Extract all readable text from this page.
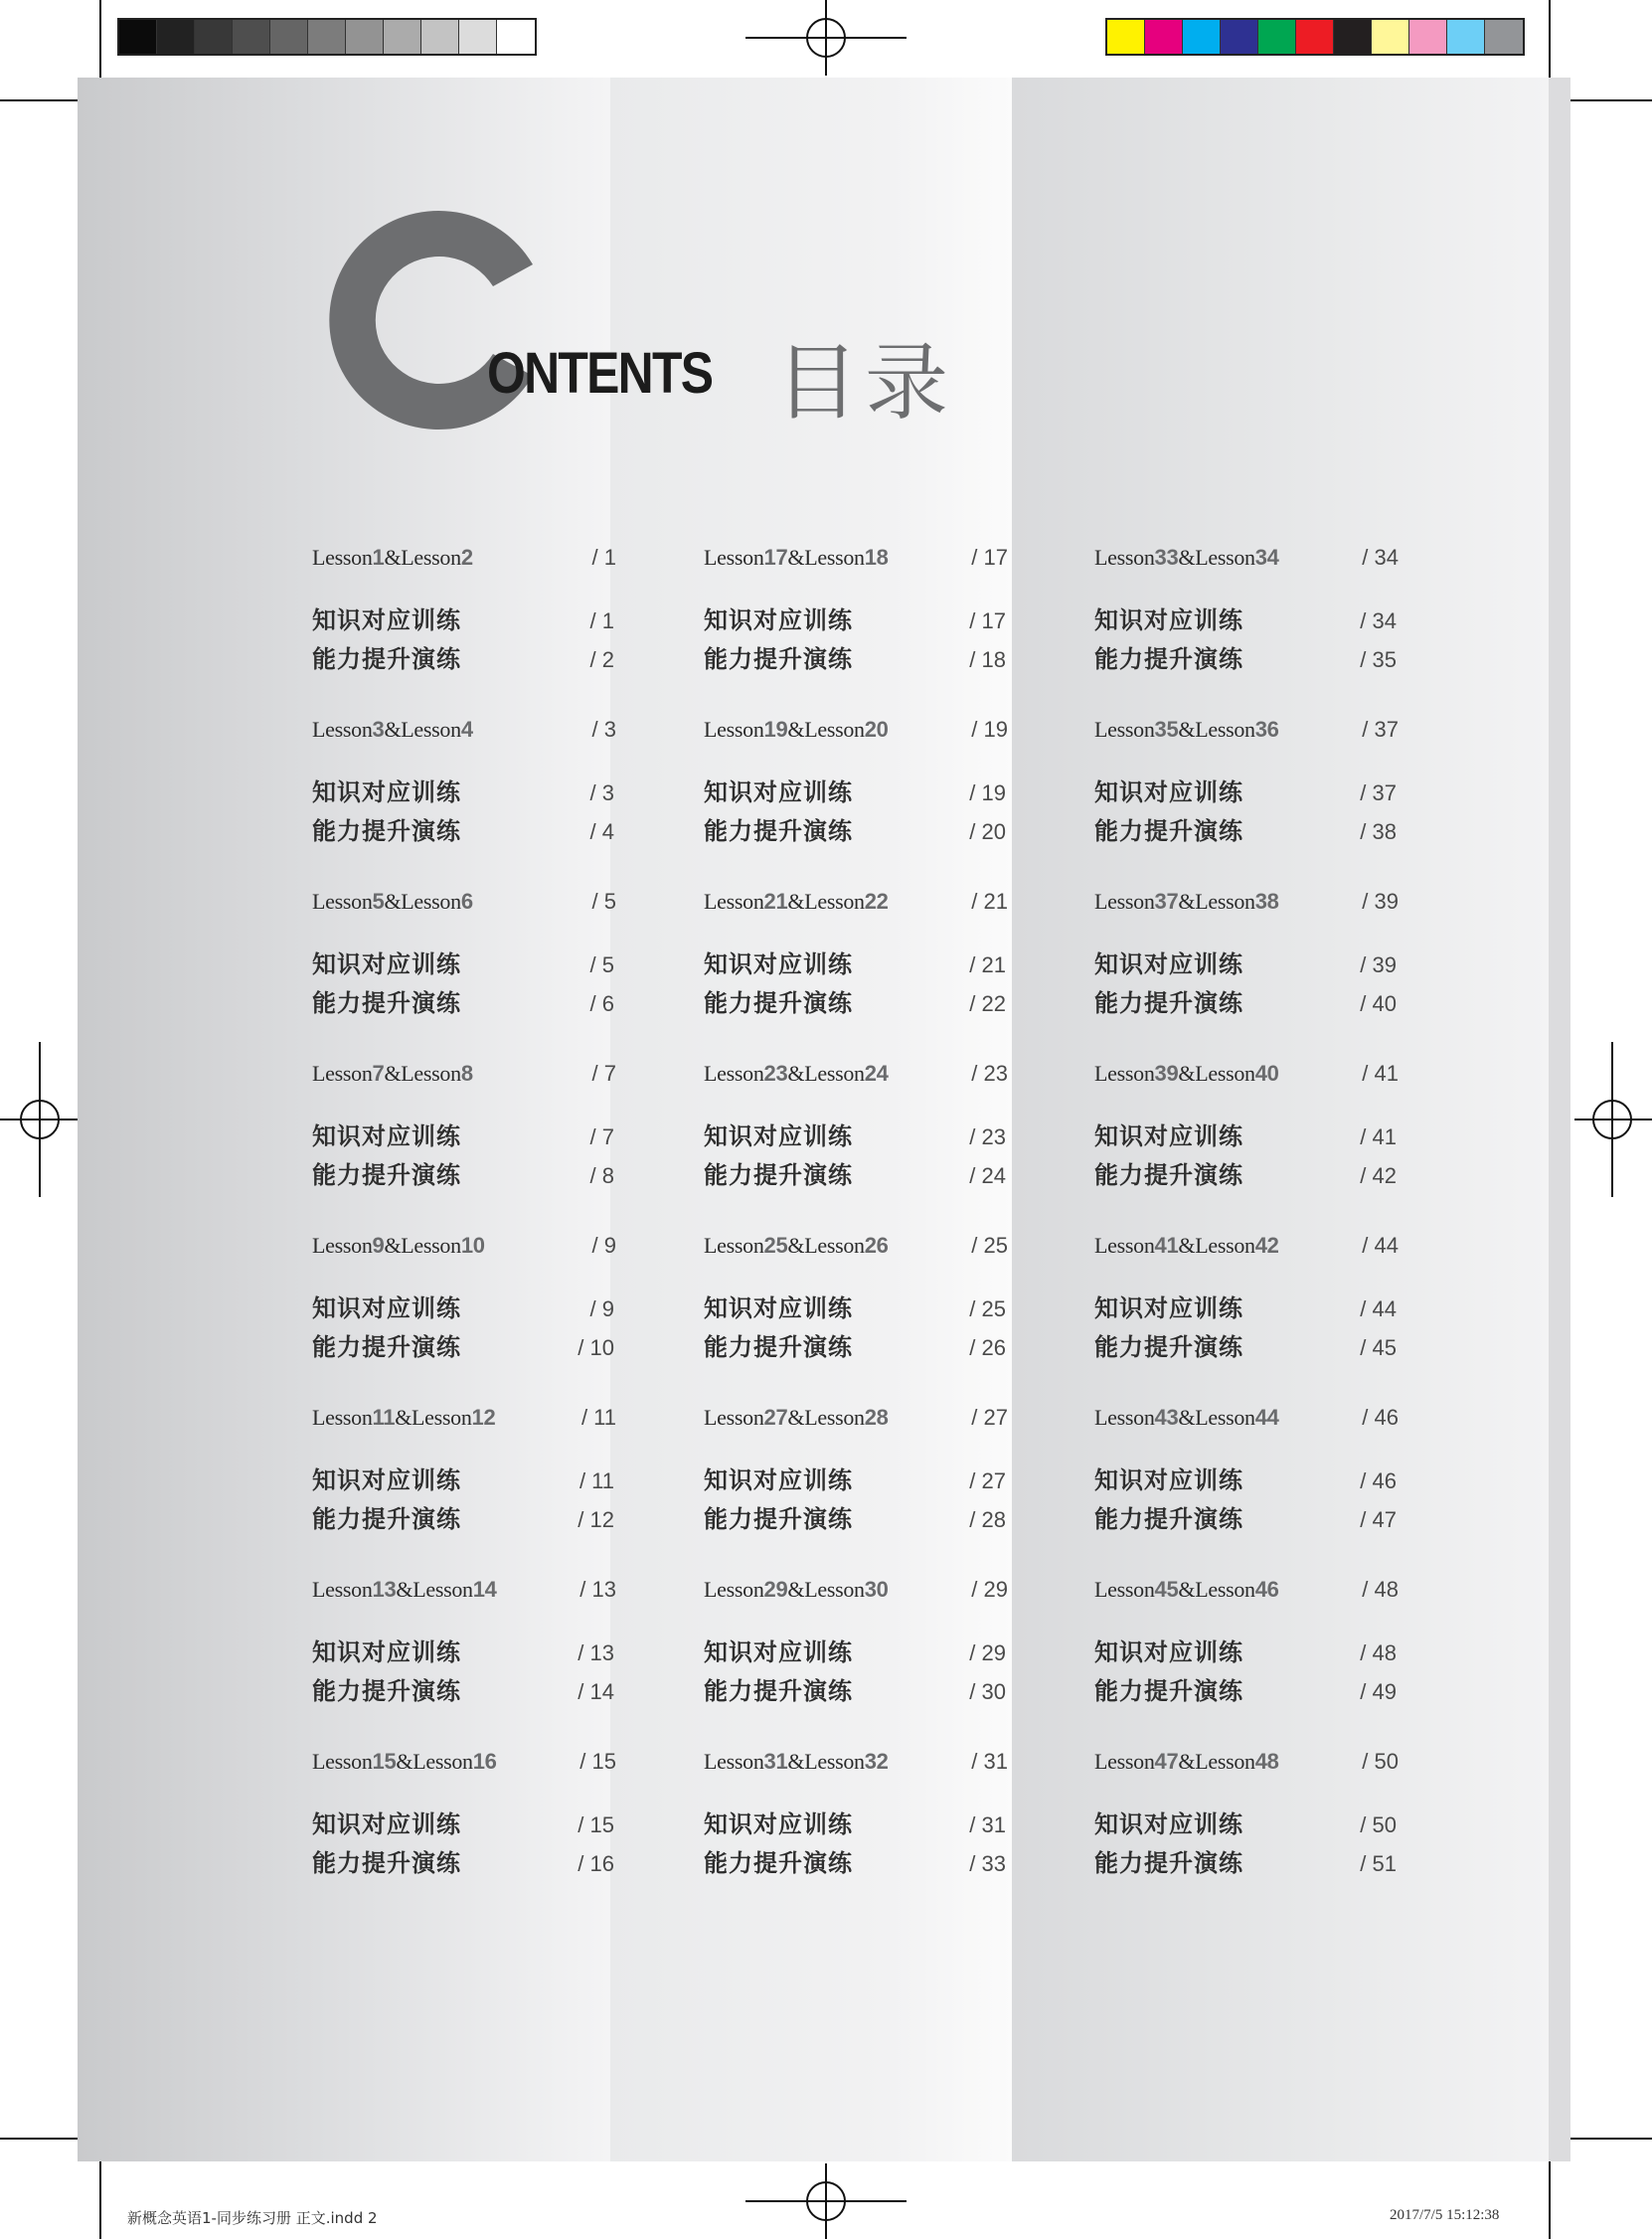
ONTENTS 目录
Lesson1&Lesson2	/ 1
知识对应训练	/ 1
能力提升演练	/ 2
Lesson3&Lesson4	/ 3
知识对应训练	/ 3
能力提升演练	/ 4
Lesson5&Lesson6	/ 5
知识对应训练	/ 5
能力提升演练	/ 6
Lesson7&Lesson8	/ 7
知识对应训练	/ 7
能力提升演练	/ 8
Lesson9&Lesson10	/ 9
知识对应训练	/ 9
能力提升演练	/ 10
Lesson11&Lesson12	/ 11
知识对应训练	/ 11
能力提升演练	/ 12
Lesson13&Lesson14	/ 13
知识对应训练	/ 13
能力提升演练	/ 14
Lesson15&Lesson16	/ 15
知识对应训练	/ 15
能力提升演练	/ 16
Lesson17&Lesson18	/ 17
知识对应训练	/ 17
能力提升演练	/ 18
Lesson19&Lesson20	/ 19
知识对应训练	/ 19
能力提升演练	/ 20
Lesson21&Lesson22	/ 21
知识对应训练	/ 21
能力提升演练	/ 22
Lesson23&Lesson24	/ 23
知识对应训练	/ 23
能力提升演练	/ 24
Lesson25&Lesson26	/ 25
知识对应训练	/ 25
能力提升演练	/ 26
Lesson27&Lesson28	/ 27
知识对应训练	/ 27
能力提升演练	/ 28
Lesson29&Lesson30	/ 29
知识对应训练	/ 29
能力提升演练	/ 30
Lesson31&Lesson32	/ 31
知识对应训练	/ 31
能力提升演练	/ 33
Lesson33&Lesson34	/ 34
知识对应训练	/ 34
能力提升演练	/ 35
Lesson35&Lesson36	/ 37
知识对应训练	/ 37
能力提升演练	/ 38
Lesson37&Lesson38	/ 39
知识对应训练	/ 39
能力提升演练	/ 40
Lesson39&Lesson40	/ 41
知识对应训练	/ 41
能力提升演练	/ 42
Lesson41&Lesson42	/ 44
知识对应训练	/ 44
能力提升演练	/ 45
Lesson43&Lesson44	/ 46
知识对应训练	/ 46
能力提升演练	/ 47
Lesson45&Lesson46	/ 48
知识对应训练	/ 48
能力提升演练	/ 49
Lesson47&Lesson48	/ 50
知识对应训练	/ 50
能力提升演练	/ 51
新概念英语1-同步练习册 正文.indd 2	2017/7/5 15:12:38
